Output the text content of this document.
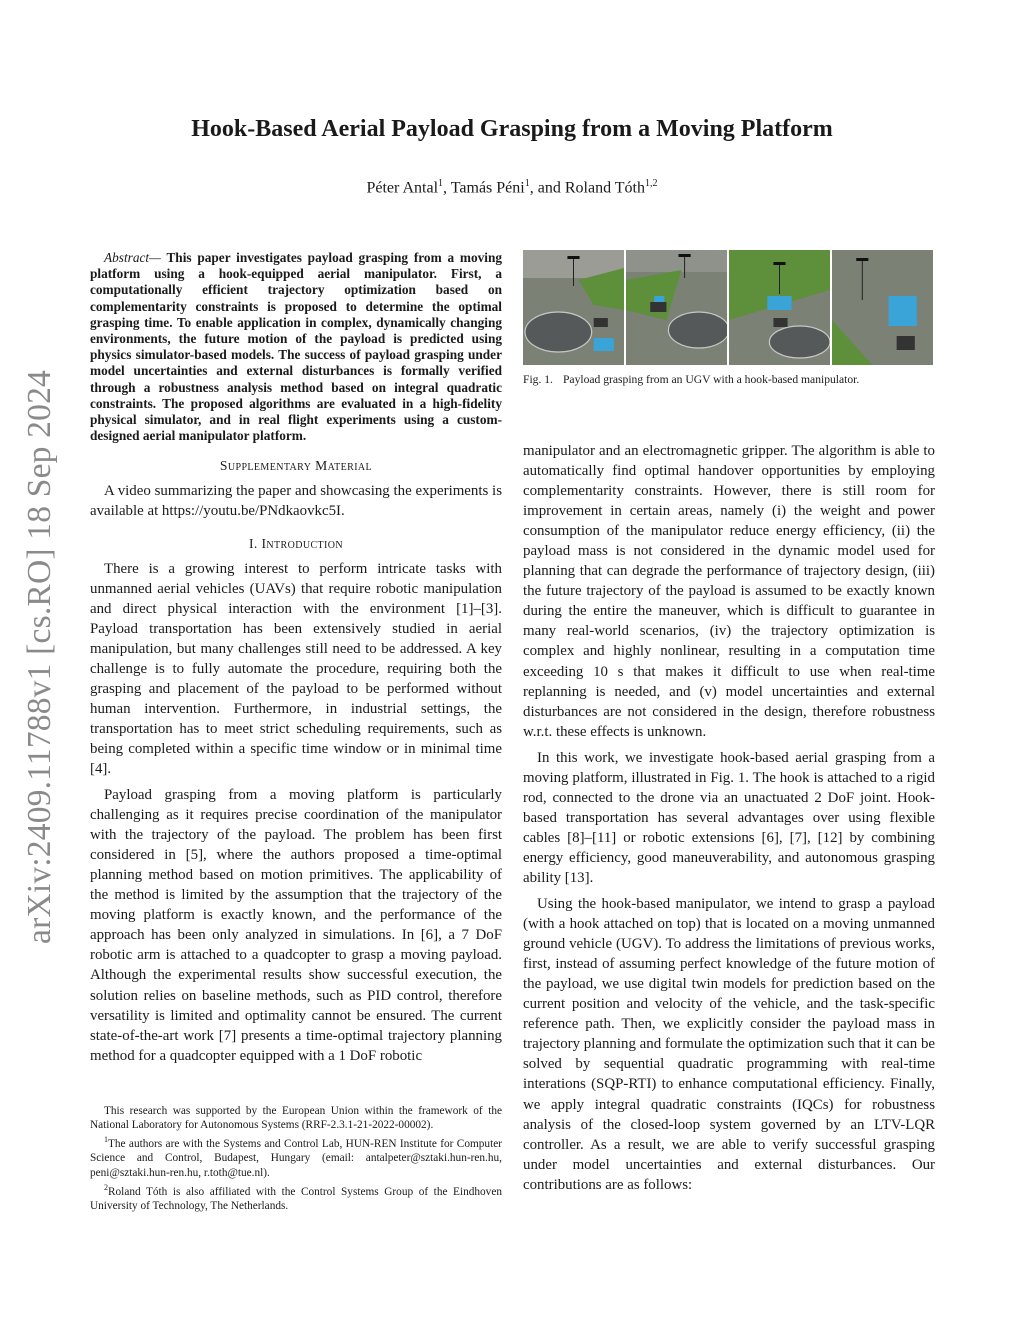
arXiv:2409.11788v1 [cs.RO] 18 Sep 2024
Hook-Based Aerial Payload Grasping from a Moving Platform
Péter Antal$^1$, Tamás Péni$^1$, and Roland Tóth$^{1,2}$
Abstract— This paper investigates payload grasping from a moving platform using a hook-equipped aerial manipulator. First, a computationally efficient trajectory optimization based on complementarity constraints is proposed to determine the optimal grasping time. To enable application in complex, dynamically changing environments, the future motion of the payload is predicted using physics simulator-based models. The success of payload grasping under model uncertainties and external disturbances is formally verified through a robustness analysis method based on integral quadratic constraints. The proposed algorithms are evaluated in a high-fidelity physical simulator, and in real flight experiments using a custom-designed aerial manipulator platform.
Supplementary Material

A video summarizing the paper and showcasing the experiments is available at https://youtu.be/PNdkaovkc5I.

I. Introduction

There is a growing interest to perform intricate tasks with unmanned aerial vehicles (UAVs) that require robotic manipulation and direct physical interaction with the environment [1]–[3]. Payload transportation has been extensively studied in aerial manipulation, but many challenges still need to be addressed. A key challenge is to fully automate the procedure, requiring both the grasping and placement of the payload to be performed without human intervention. Furthermore, in industrial settings, the transportation has to meet strict scheduling requirements, such as being completed within a specific time window or in minimal time [4].

Payload grasping from a moving platform is particularly challenging as it requires precise coordination of the manipulator with the trajectory of the payload. The problem has been first considered in [5], where the authors proposed a time-optimal planning method based on motion primitives. The applicability of the method is limited by the assumption that the trajectory of the moving platform is exactly known, and the performance of the approach has been only analyzed in simulations. In [6], a 7 DoF robotic arm is attached to a quadcopter to grasp a moving payload. Although the experimental results show successful execution, the solution relies on baseline methods, such as PID control, therefore versatility is limited and optimality cannot be ensured. The current state-of-the-art work [7] presents a time-optimal trajectory planning method for a quadcopter equipped with a 1 DoF robotic

This research was supported by the European Union within the framework of the National Laboratory for Autonomous Systems (RRF-2.3.1-21-2022-00002).

$^1$The authors are with the Systems and Control Lab, HUN-REN Institute for Computer Science and Control, Budapest, Hungary (email: antalpeter@sztaki.hun-ren.hu, peni@sztaki.hun-ren.hu, r.toth@tue.nl).

$^2$Roland Tóth is also affiliated with the Control Systems Group of the Eindhoven University of Technology, The Netherlands.

Fig. 1. Payload grasping from an UGV with a hook-based manipulator.

manipulator and an electromagnetic gripper. The algorithm is able to automatically find optimal handover opportunities by employing complementarity constraints. However, there is still room for improvement in certain areas, namely (i) the weight and power consumption of the manipulator reduce energy efficiency, (ii) the payload mass is not considered in the dynamic model used for planning that can degrade the performance of trajectory design, (iii) the future trajectory of the payload is assumed to be exactly known during the entire the maneuver, which is difficult to guarantee in many real-world scenarios, (iv) the trajectory optimization is complex and highly nonlinear, resulting in a computation time exceeding 10 s that makes it difficult to use when real-time replanning is needed, and (v) model uncertainties and external disturbances are not considered in the design, therefore robustness w.r.t. these effects is unknown.

In this work, we investigate hook-based aerial grasping from a moving platform, illustrated in Fig. 1. The hook is attached to a rigid rod, connected to the drone via an unactuated 2 DoF joint. Hook-based transportation has several advantages over using flexible cables [8]–[11] or robotic extensions [6], [7], [12] by combining energy efficiency, good maneuverability, and autonomous grasping ability [13].

Using the hook-based manipulator, we intend to grasp a payload (with a hook attached on top) that is located on a moving unmanned ground vehicle (UGV). To address the limitations of previous works, first, instead of assuming perfect knowledge of the future motion of the payload, we use digital twin models for prediction based on the current position and velocity of the vehicle, and the task-specific reference path. Then, we explicitly consider the payload mass in trajectory planning and formulate the optimization such that it can be solved by sequential quadratic programming with real-time interations (SQP-RTI) to enhance computational efficiency. Finally, we apply integral quadratic constraints (IQCs) for robustness analysis of the closed-loop system governed by an LTV-LQR controller. As a result, we are able to verify successful grasping under model uncertainties and external disturbances. Our contributions are as follows:
